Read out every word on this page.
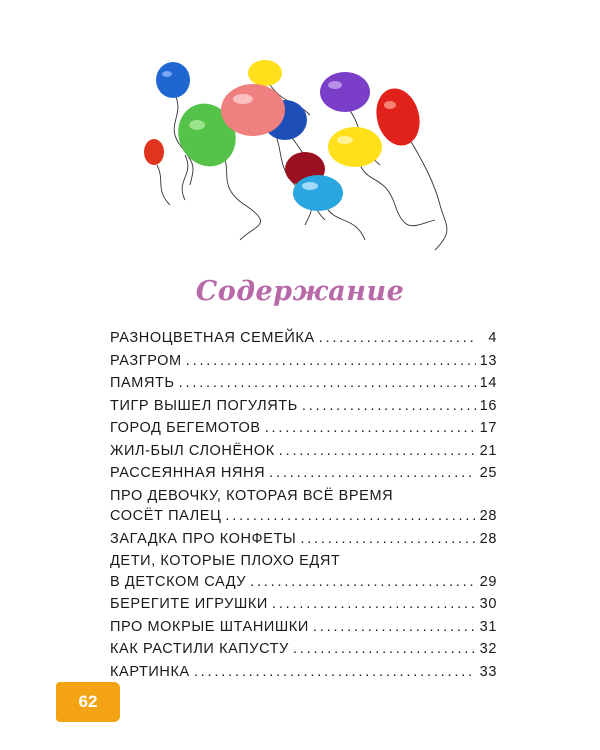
Содержание
РАЗНОЦВЕТНАЯ СЕМЕЙКА . . .	4
РАЗГРОМ . . .	13
ПАМЯТЬ . . .	14
ТИГР ВЫШЕЛ ПОГУЛЯТЬ . . .	16
ГОРОД БЕГЕМОТОВ . . .	17
ЖИЛ-БЫЛ СЛОНЁНОК . . .	21
РАССЕЯННАЯ НЯНЯ . . .	25
ПРО ДЕВОЧКУ, КОТОРАЯ ВСЁ ВРЕМЯ
СОСЁТ ПАЛЕЦ . . .	28
ЗАГАДКА ПРО КОНФЕТЫ . . .	28
ДЕТИ, КОТОРЫЕ ПЛОХО ЕДЯТ
В ДЕТСКОМ САДУ . . .	29
БЕРЕГИТЕ ИГРУШКИ . . .	30
ПРО МОКРЫЕ ШТАНИШКИ . . .	31
КАК РАСТИЛИ КАПУСТУ . . .	32
КАРТИНКА . . .	33
62
